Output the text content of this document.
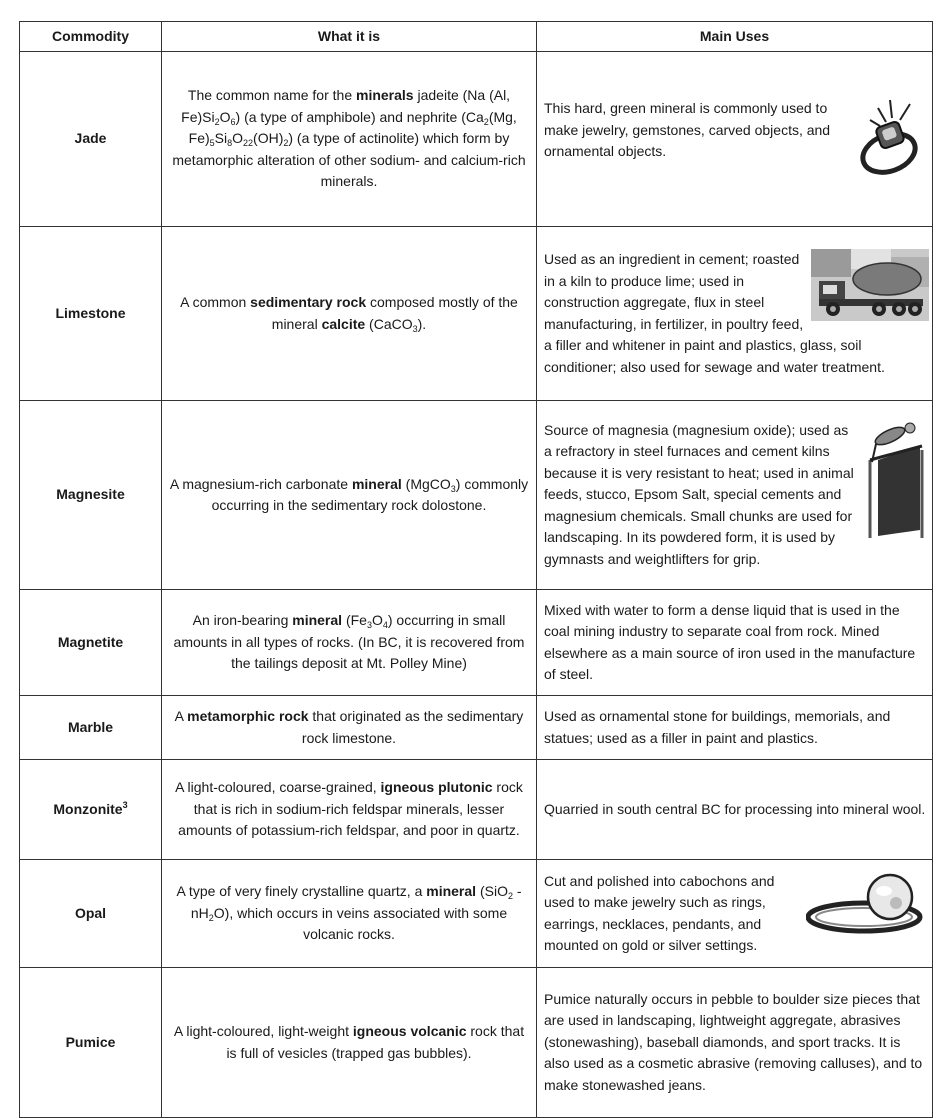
Commodity	What it is	Main Uses
Jade	The common name for the minerals jadeite (Na (Al, $Fe)Si_2O_6$) (a type of amphibole) and nephrite ($Ca_2(Mg$, $Fe)_5Si_8O_{22}(OH)_2$) (a type of actinolite) which form by metamorphic alteration of other sodium- and calcium-rich minerals.	This hard, green mineral is commonly used to make jewelry, gemstones, carved objects, and ornamental objects.
Limestone	A common sedimentary rock composed mostly of the mineral calcite (CaCO$_3$).	Used as an ingredient in cement; roasted in a kiln to produce lime; used in construction aggregate, flux in steel manufacturing, in fertilizer, in poultry feed, a filler and whitener in paint and plastics, glass, soil conditioner; also used for sewage and water treatment.
Magnesite	A magnesium-rich carbonate mineral (MgCO$_3$) commonly occurring in the sedimentary rock dolostone.	Source of magnesia (magnesium oxide); used as a refractory in steel furnaces and cement kilns because it is very resistant to heat; used in animal feeds, stucco, Epsom Salt, special cements and magnesium chemicals. Small chunks are used for landscaping. In its powdered form, it is used by gymnasts and weightlifters for grip.
Magnetite	An iron-bearing mineral $(Fe_3O_4)$ occurring in small amounts in all types of rocks. (In BC, it is recovered from the tailings deposit at Mt. Polley Mine)	Mixed with water to form a dense liquid that is used in the coal mining industry to separate coal from rock. Mined elsewhere as a main source of iron used in the manufacture of steel.
Marble	A metamorphic rock that originated as the sedimentary rock limestone.	Used as ornamental stone for buildings, memorials, and statues; used as a filler in paint and plastics.
Monzonite$^3$	A light-coloured, coarse-grained, igneous plutonic rock that is rich in sodium-rich feldspar minerals, lesser amounts of potassium-rich feldspar, and poor in quartz.	Quarried in south central BC for processing into mineral wool.
Opal	A type of very finely crystalline quartz, a mineral $(SiO_2 - nH_2O)$, which occurs in veins associated with some volcanic rocks.	Cut and polished into cabochons and used to make jewelry such as rings, earrings, necklaces, pendants, and mounted on gold or silver settings.
Pumice	A light-coloured, light-weight igneous volcanic rock that is full of vesicles (trapped gas bubbles).	Pumice naturally occurs in pebble to boulder size pieces that are used in landscaping, lightweight aggregate, abrasives (stonewashing), baseball diamonds, and sport tracks. It is also used as a cosmetic abrasive (removing calluses), and to make stonewashed jeans.
